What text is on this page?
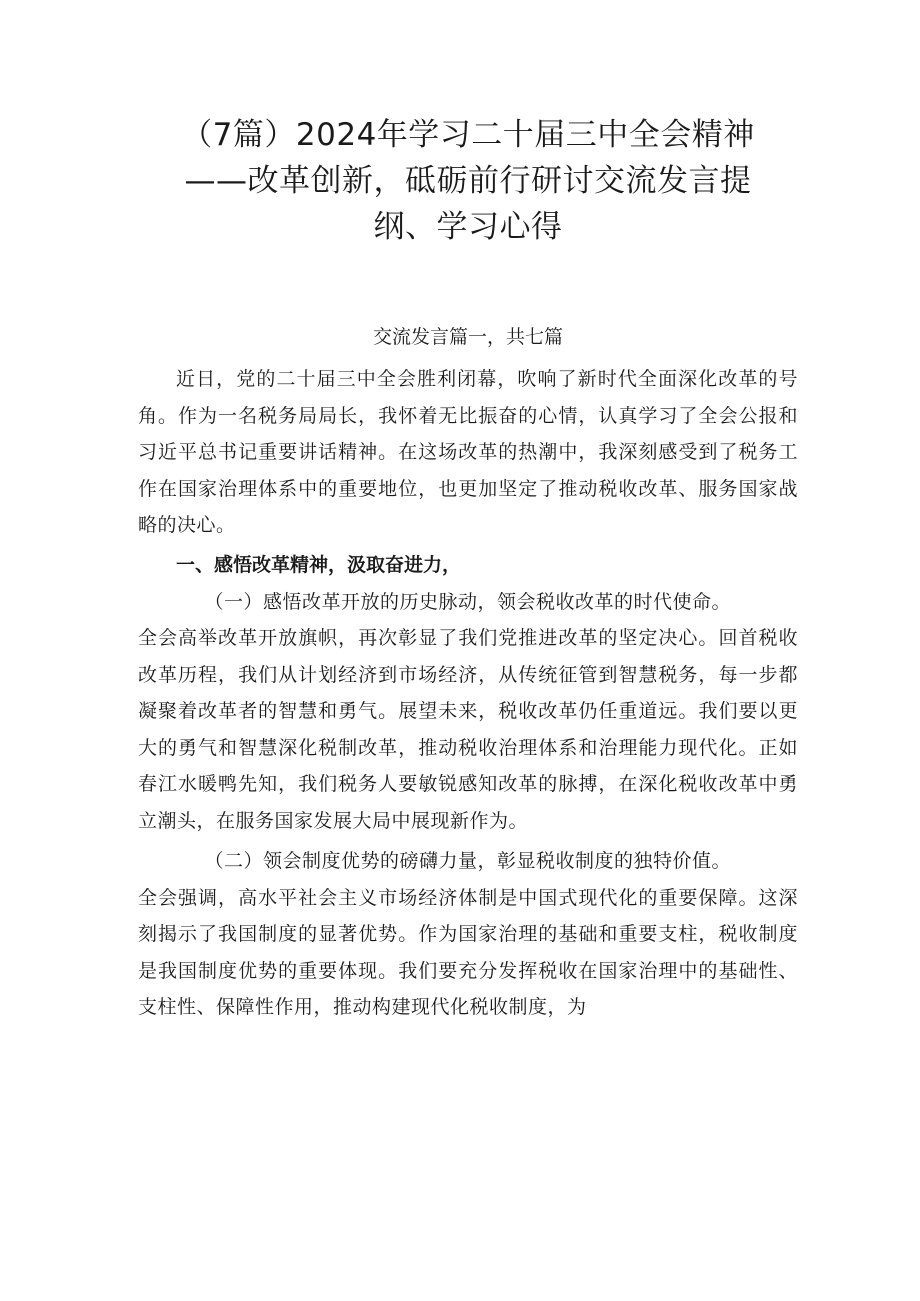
（7篇）2024年学习二十届三中全会精神
——改革创新，砥砺前行研讨交流发言提
纲、学习心得
交流发言篇一，共七篇

近日，党的二十届三中全会胜利闭幕，吹响了新时代全面深化改革的号角。作为一名税务局局长，我怀着无比振奋的心情，认真学习了全会公报和习近平总书记重要讲话精神。在这场改革的热潮中，我深刻感受到了税务工作在国家治理体系中的重要地位，也更加坚定了推动税收改革、服务国家战略的决心。

一、感悟改革精神，汲取奋进力，

（一）感悟改革开放的历史脉动，领会税收改革的时代使命。

全会高举改革开放旗帜，再次彰显了我们党推进改革的坚定决心。回首税收改革历程，我们从计划经济到市场经济，从传统征管到智慧税务，每一步都凝聚着改革者的智慧和勇气。展望未来，税收改革仍任重道远。我们要以更大的勇气和智慧深化税制改革，推动税收治理体系和治理能力现代化。正如春江水暖鸭先知，我们税务人要敏锐感知改革的脉搏，在深化税收改革中勇立潮头，在服务国家发展大局中展现新作为。

（二）领会制度优势的磅礴力量，彰显税收制度的独特价值。

全会强调，高水平社会主义市场经济体制是中国式现代化的重要保障。这深刻揭示了我国制度的显著优势。作为国家治理的基础和重要支柱，税收制度是我国制度优势的重要体现。我们要充分发挥税收在国家治理中的基础性、支柱性、保障性作用，推动构建现代化税收制度，为
